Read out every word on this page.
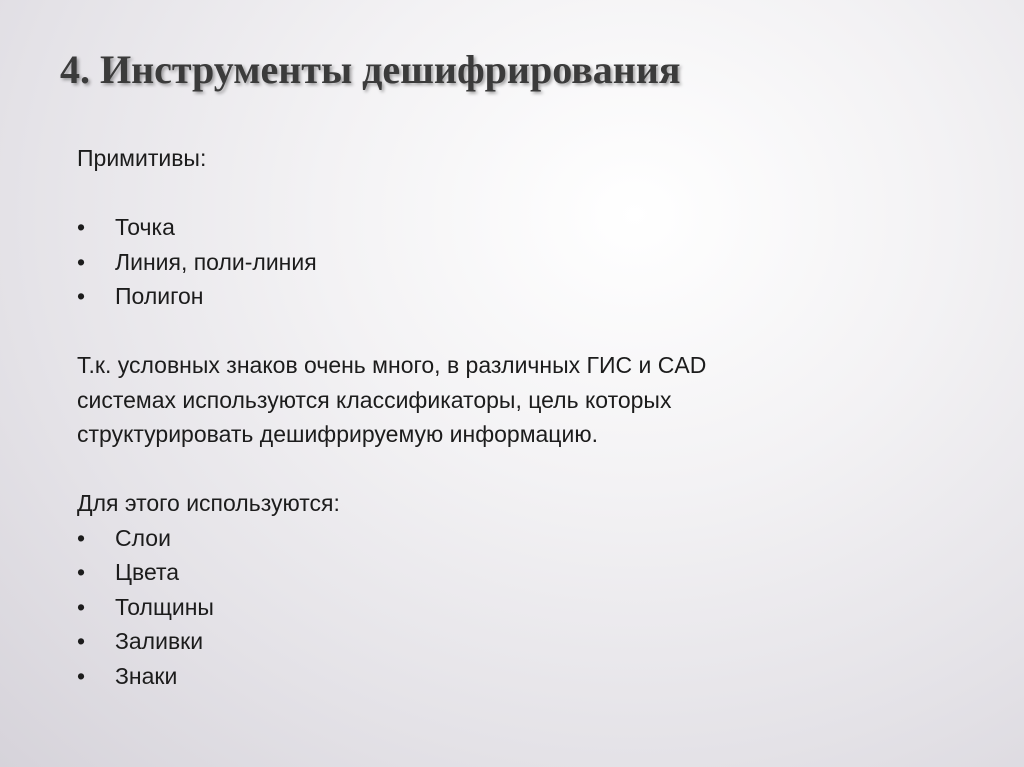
4. Инструменты дешифрирования
Примитивы:
• Точка
• Линия, поли-линия
• Полигон
Т.к. условных знаков очень много, в различных ГИС и CAD
системах используются классификаторы, цель которых
структурировать дешифрируемую информацию.
Для этого используются:
• Слои
• Цвета
• Толщины
• Заливки
• Знаки
